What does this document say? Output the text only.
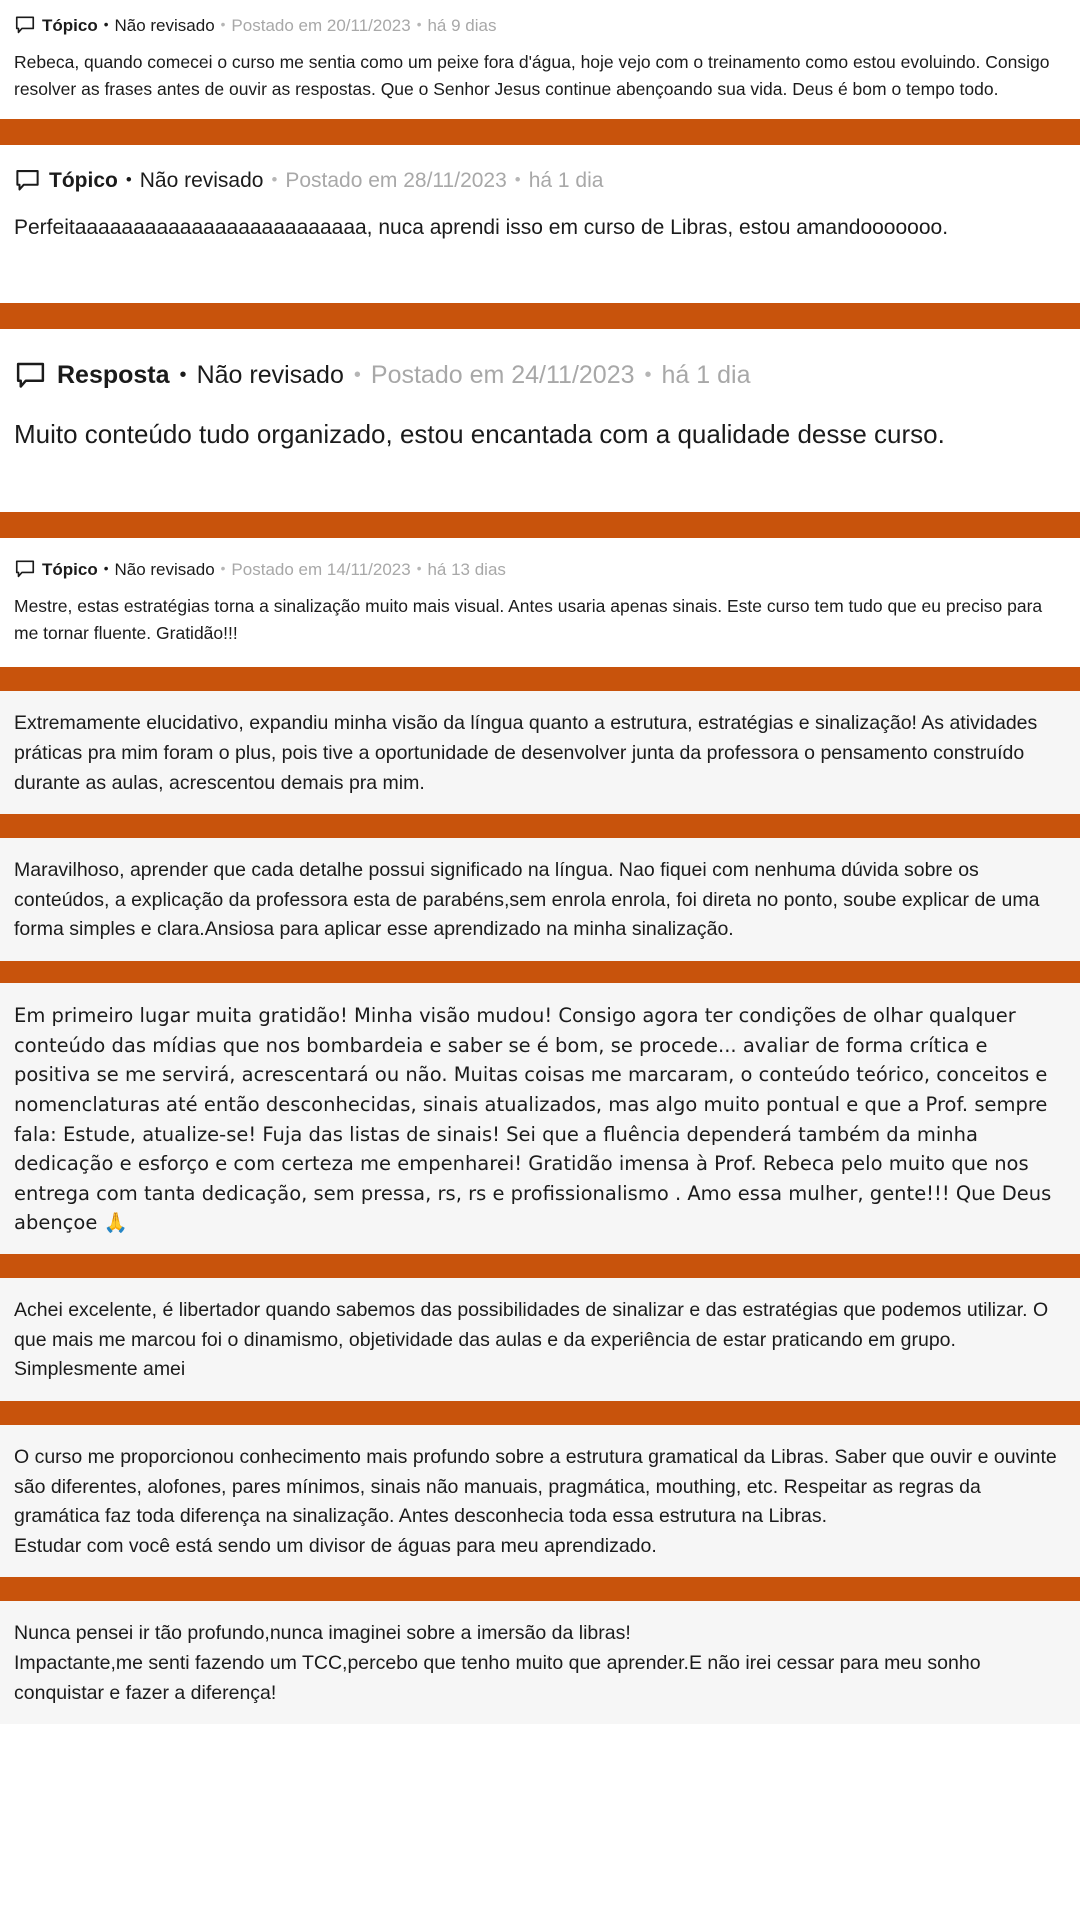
Tópico • Não revisado • Postado em 20/11/2023 • há 9 dias
Rebeca, quando comecei o curso me sentia como um peixe fora d'água, hoje vejo com o treinamento como estou evoluindo. Consigo resolver as frases antes de ouvir as respostas. Que o Senhor Jesus continue abençoando sua vida. Deus é bom o tempo todo.
Tópico • Não revisado • Postado em 28/11/2023 • há 1 dia
Perfeitaaaaaaaaaaaaaaaaaaaaaaaaa, nuca aprendi isso em curso de Libras, estou amandooooooo.
Resposta • Não revisado • Postado em 24/11/2023 • há 1 dia
Muito conteúdo tudo organizado, estou encantada com a qualidade desse curso.
Tópico • Não revisado • Postado em 14/11/2023 • há 13 dias
Mestre, estas estratégias torna a sinalização muito mais visual. Antes usaria apenas sinais. Este curso tem tudo que eu preciso para me tornar fluente. Gratidão!!!
Extremamente elucidativo, expandiu minha visão da língua quanto a estrutura, estratégias e sinalização! As atividades práticas pra mim foram o plus, pois tive a oportunidade de desenvolver junta da professora o pensamento construído durante as aulas, acrescentou demais pra mim.
Maravilhoso, aprender que cada detalhe possui significado na língua. Nao fiquei com nenhuma dúvida sobre os conteúdos, a explicação da professora esta de parabéns,sem enrola enrola, foi direta no ponto, soube explicar de uma forma simples e clara.Ansiosa para aplicar esse aprendizado na minha sinalização.
Em primeiro lugar muita gratidão! Minha visão mudou! Consigo agora ter condições de olhar qualquer conteúdo das mídias que nos bombardeia e saber se é bom, se procede... avaliar de forma crítica e positiva se me servirá, acrescentará ou não. Muitas coisas me marcaram, o conteúdo teórico, conceitos e nomenclaturas até então desconhecidas, sinais atualizados, mas algo muito pontual e que a Prof. sempre fala: Estude, atualize-se! Fuja das listas de sinais! Sei que a fluência dependerá também da minha dedicação e esforço e com certeza me empenharei! Gratidão imensa à Prof. Rebeca pelo muito que nos entrega com tanta dedicação, sem pressa, rs, rs e profissionalismo . Amo essa mulher, gente!!! Que Deus abençoe 🙏
Achei excelente, é libertador quando sabemos das possibilidades de sinalizar e das estratégias que podemos utilizar. O que mais me marcou foi o dinamismo, objetividade das aulas e da experiência de estar praticando em grupo. Simplesmente amei
O curso me proporcionou conhecimento mais profundo sobre a estrutura gramatical da Libras. Saber que ouvir e ouvinte são diferentes, alofones, pares mínimos, sinais não manuais, pragmática, mouthing, etc. Respeitar as regras da gramática faz toda diferença na sinalização. Antes desconhecia toda essa estrutura na Libras.
Estudar com você está sendo um divisor de águas para meu aprendizado.
Nunca pensei ir tão profundo,nunca imaginei sobre a imersão da libras!
Impactante,me senti fazendo um TCC,percebo que tenho muito que aprender.E não irei cessar para meu sonho conquistar e fazer a diferença!
